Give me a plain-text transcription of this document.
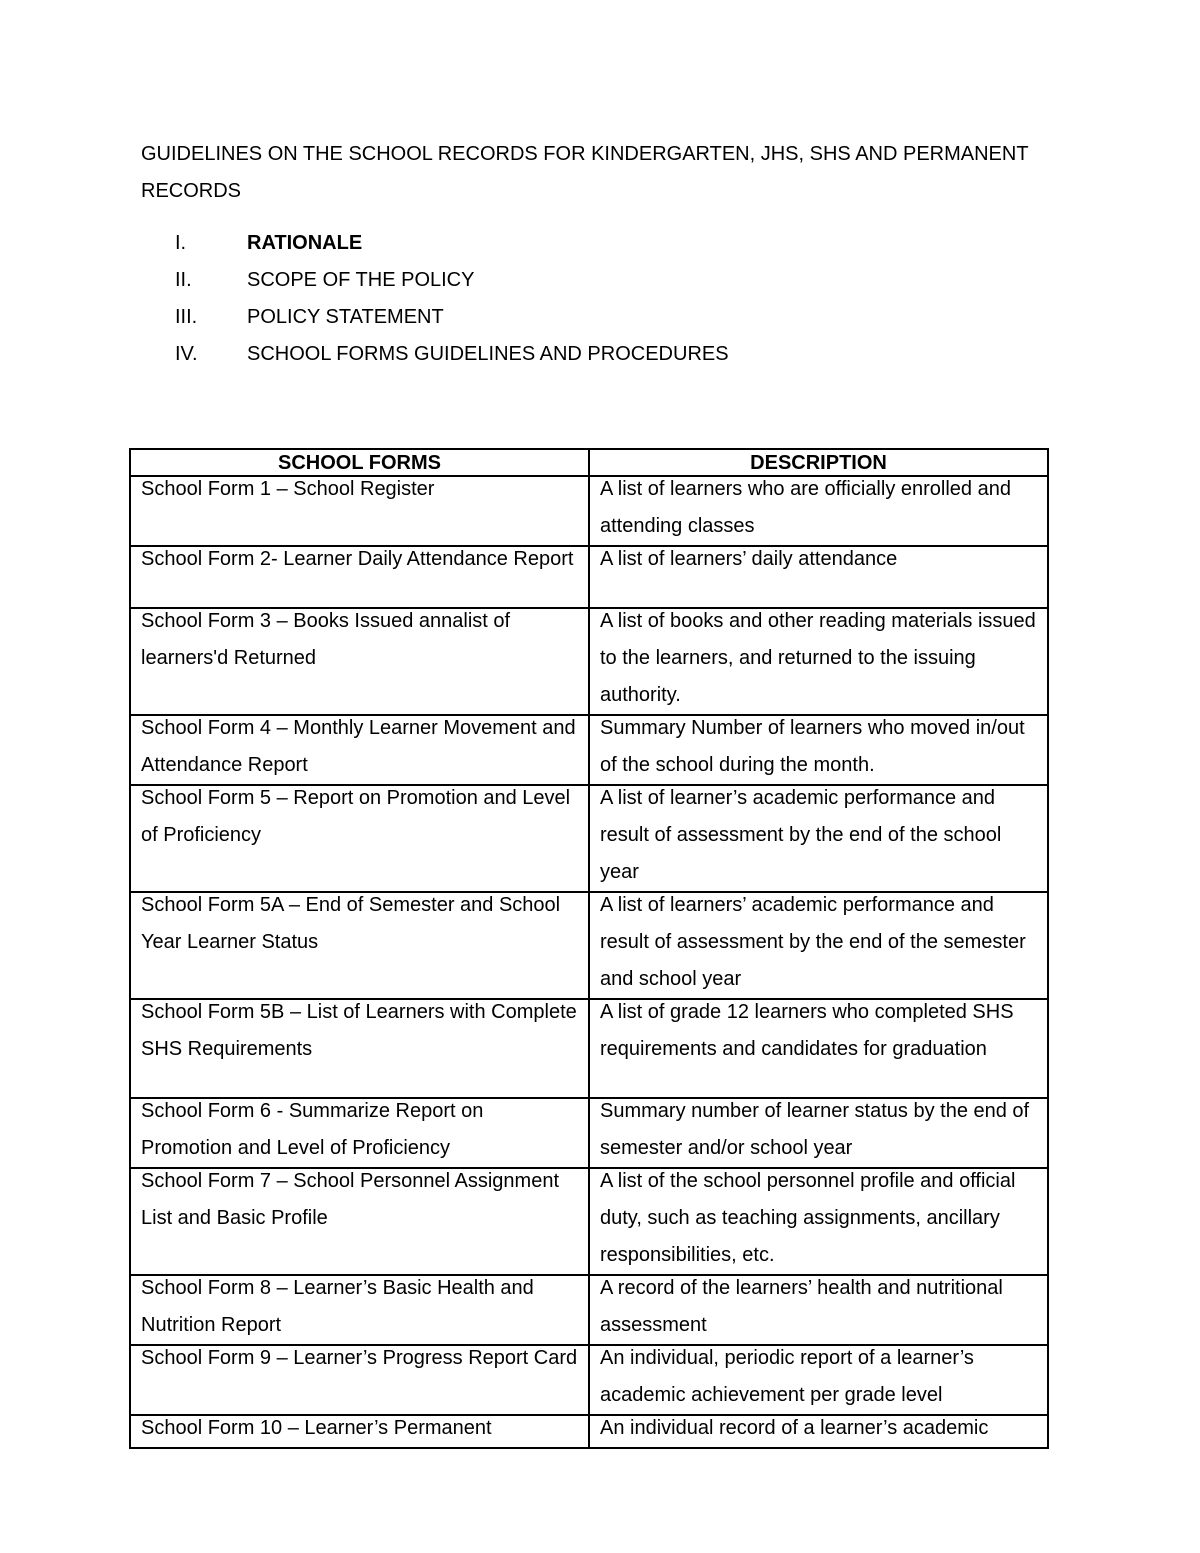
GUIDELINES ON THE SCHOOL RECORDS FOR KINDERGARTEN, JHS, SHS AND PERMANENT RECORDS
I.	RATIONALE
II.	SCOPE OF THE POLICY
III. POLICY STATEMENT
IV. SCHOOL FORMS GUIDELINES AND PROCEDURES
SCHOOL FORMS	DESCRIPTION

School Form 1 – School Register	A list of learners who are officially enrolled and attending classes

School Form 2- Learner Daily Attendance Report	A list of learners’ daily attendance

School Form 3 – Books Issued annalist of learners'd Returned	A list of books and other reading materials issued to the learners, and returned to the issuing authority.

School Form 4 – Monthly Learner Movement and Attendance Report	Summary Number of learners who moved in/out of the school during the month.

School Form 5 – Report on Promotion and Level of Proficiency	A list of learner’s academic performance and result of assessment by the end of the school year

School Form 5A – End of Semester and School Year Learner Status	A list of learners’ academic performance and result of assessment by the end of the semester and school year

School Form 5B – List of Learners with Complete SHS Requirements	A list of grade 12 learners who completed SHS requirements and candidates for graduation

School Form 6 - Summarize Report on Promotion and Level of Proficiency	Summary number of learner status by the end of semester and/or school year

School Form 7 – School Personnel Assignment List and Basic Profile	A list of the school personnel profile and official duty, such as teaching assignments, ancillary responsibilities, etc.

School Form 8 – Learner’s Basic Health and Nutrition Report	A record of the learners’ health and nutritional assessment

School Form 9 – Learner’s Progress Report Card	An individual, periodic report of a learner’s academic achievement per grade level

School Form 10 – Learner’s Permanent	An individual record of a learner’s academic
